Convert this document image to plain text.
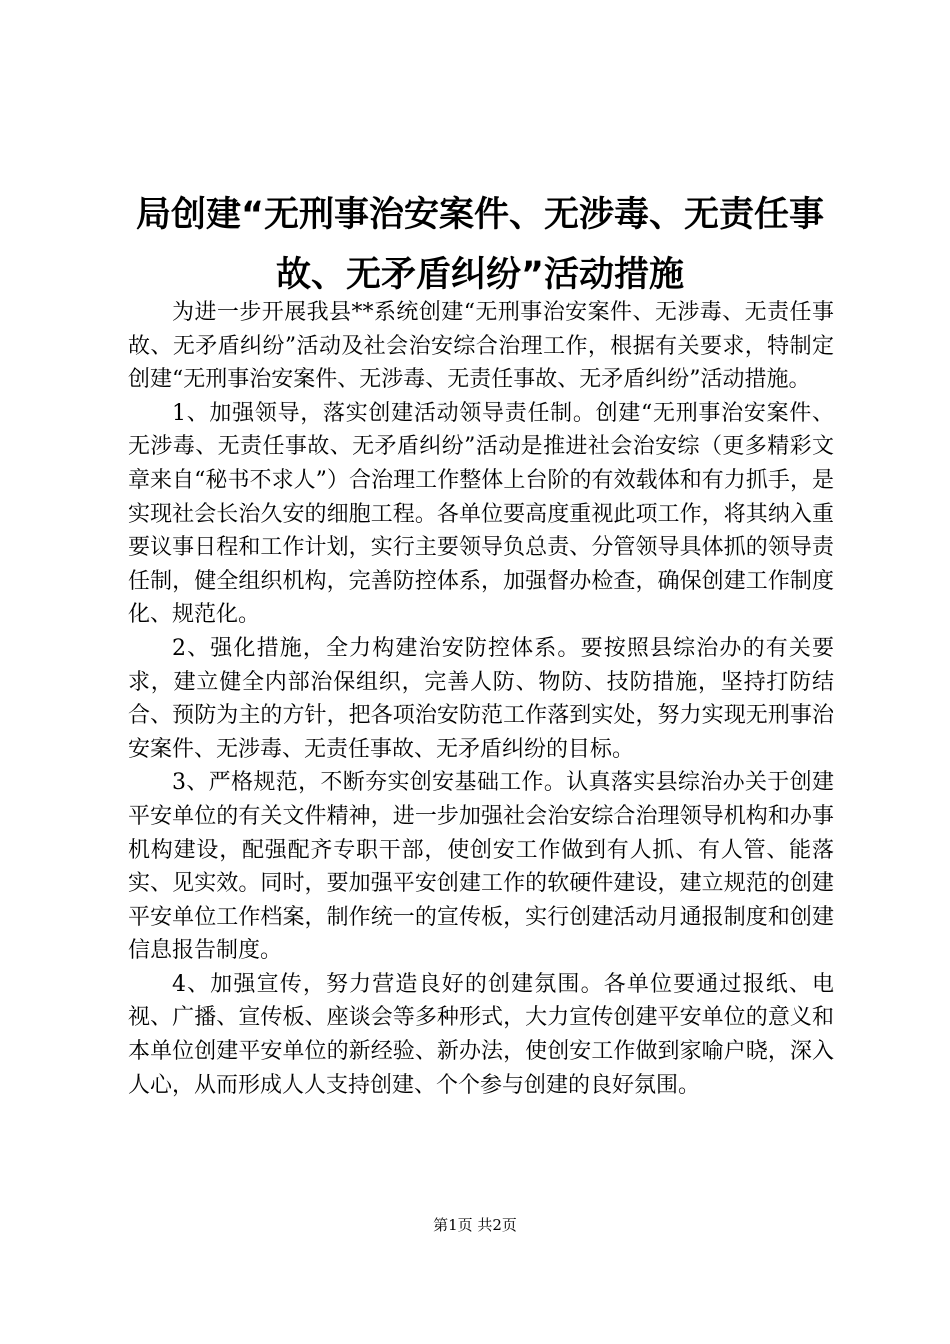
局创建“无刑事治安案件、无涉毒、无责任事
故、无矛盾纠纷”活动措施

为进一步开展我县**系统创建“无刑事治安案件、无涉毒、无责任事故、无矛盾纠纷”活动及社会治安综合治理工作，根据有关要求，特制定创建“无刑事治安案件、无涉毒、无责任事故、无矛盾纠纷”活动措施。

1、加强领导，落实创建活动领导责任制。创建“无刑事治安案件、无涉毒、无责任事故、无矛盾纠纷”活动是推进社会治安综（更多精彩文章来自“秘书不求人”）合治理工作整体上台阶的有效载体和有力抓手，是实现社会长治久安的细胞工程。各单位要高度重视此项工作，将其纳入重要议事日程和工作计划，实行主要领导负总责、分管领导具体抓的领导责任制，健全组织机构，完善防控体系，加强督办检查，确保创建工作制度化、规范化。

2、强化措施，全力构建治安防控体系。要按照县综治办的有关要求，建立健全内部治保组织，完善人防、物防、技防措施，坚持打防结合、预防为主的方针，把各项治安防范工作落到实处，努力实现无刑事治安案件、无涉毒、无责任事故、无矛盾纠纷的目标。

3、严格规范，不断夯实创安基础工作。认真落实县综治办关于创建平安单位的有关文件精神，进一步加强社会治安综合治理领导机构和办事机构建设，配强配齐专职干部，使创安工作做到有人抓、有人管、能落实、见实效。同时，要加强平安创建工作的软硬件建设，建立规范的创建平安单位工作档案，制作统一的宣传板，实行创建活动月通报制度和创建信息报告制度。

4、加强宣传，努力营造良好的创建氛围。各单位要通过报纸、电视、广播、宣传板、座谈会等多种形式，大力宣传创建平安单位的意义和本单位创建平安单位的新经验、新办法，使创安工作做到家喻户晓，深入人心，从而形成人人支持创建、个个参与创建的良好氛围。

第1页 共2页
